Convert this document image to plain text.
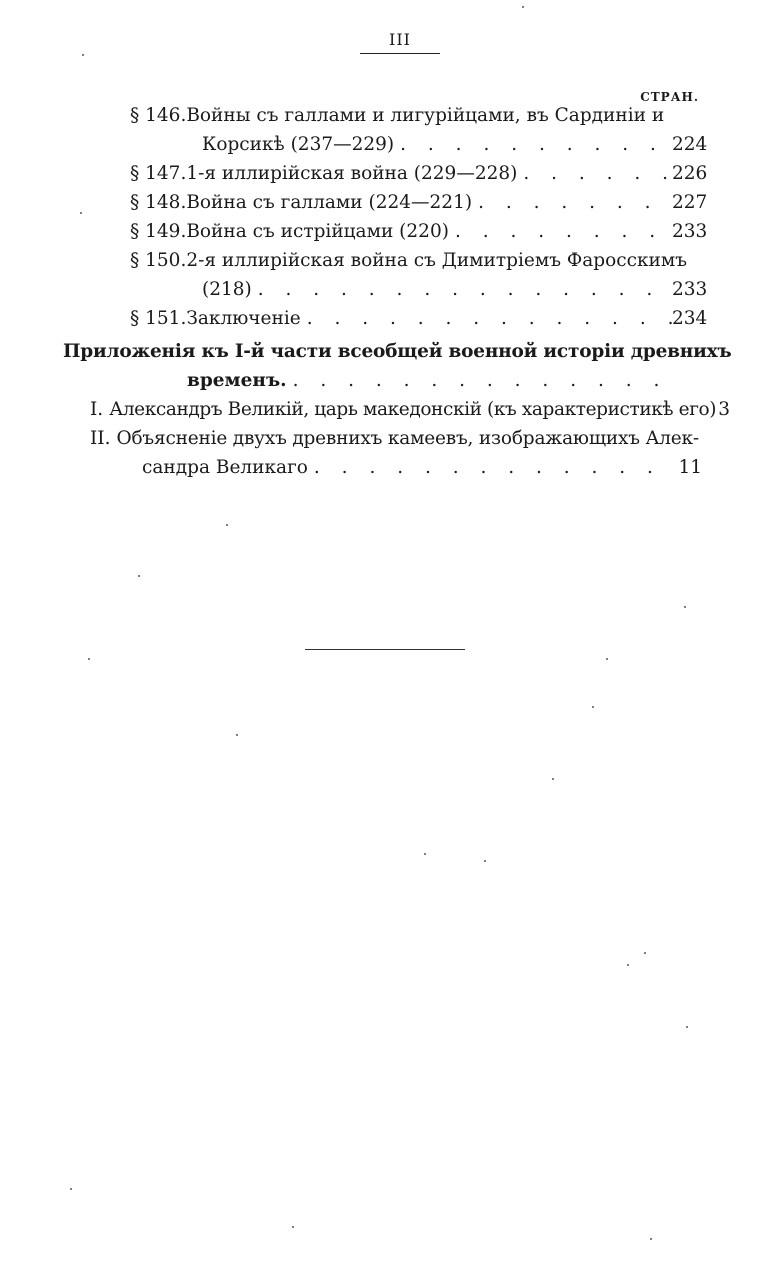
III
СТРАН.
§ 146. Войны съ галлами и лигурійцами, въ Сардиніи и
Корсикѣ (237—229) . . .	224
§ 147. 1-я иллирійская война (229—228) . . .	226
§ 148. Война съ галлами (224—221) . . .	227
§ 149. Война съ истрійцами (220) . . .	233
§ 150. 2-я иллирійская война съ Димитріемъ Фаросскимъ
(218) . . .	233
§ 151. Заключеніе . . .	234
Приложенія къ I-й части всеобщей военной исторіи древнихъ
временъ.
. . .
I. Александръ Великій, царь македонскій (къ характеристикѣ его) 3
II. Объясненіе двухъ древнихъ камеевъ, изображающихъ Алек-
сандра Великаго . . .	11
